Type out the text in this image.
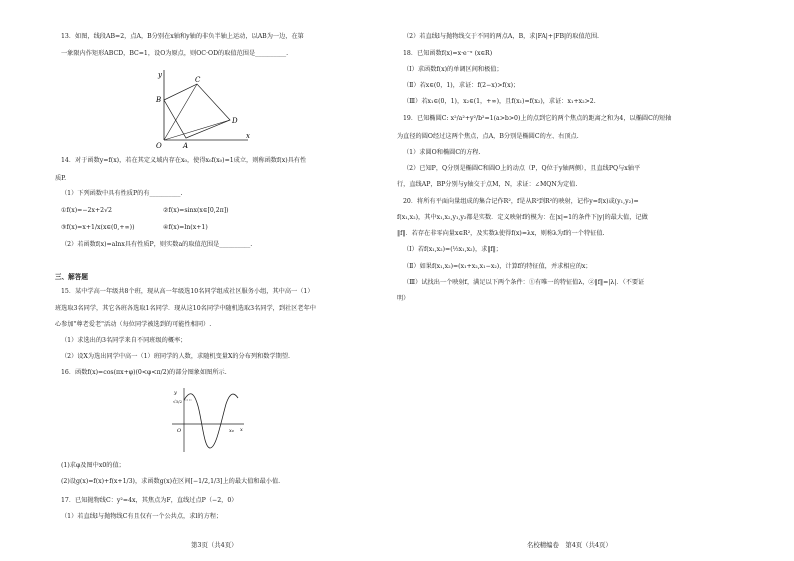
13．如图，线段AB=2，点A，B分别在x轴和y轴的非负半轴上运动，以AB为一边，在第
一象限内作矩形ABCD，BC=1，设O为原点，则OC·OD的取值范围是__________.
y
x
B
C
D
O	A
14．对于函数y=f(x)，若在其定义域内存在x₀，使得x₀f(x₀)=1成立，则称函数f(x)具有性
质P.
（1）下列函数中具有性质P的有__________.
①f(x)=−2x+2√2	②f(x)=sinx(x∈[0,2π])
③f(x)=x+1/x(x∈(0,+∞))	④f(x)=ln(x+1)
（2）若函数f(x)=alnx具有性质P，则实数a的取值范围是__________.
三、解答题
15．某中学高一年级共8个班，现从高一年级选10名同学组成社区服务小组，其中高一（1）
班选取3名同学，其它各班各选取1名同学．现从这10名同学中随机选取3名同学，到社区老年中
心参加"尊老爱老"活动（每位同学被选到的可能性相同）.
（1）求选出的3名同学来自不同班级的概率；
（2）设X为选出同学中高一（1）班同学的人数，求随机变量X的分布列和数学期望.
16．函数f(x)=cos(πx+φ)(0<φ<π/2)的部分图象如图所示.
y
√3/2
O	x₀ x
(1)求φ及图中x0的值；
(2)设g(x)=f(x)+f(x+1/3)，求函数g(x)在区间[−1/2,1/3]上的最大值和最小值.
17．已知抛物线C：y²=4x，其焦点为F，直线过点P（−2，0）
（1）若直线l与抛物线C有且仅有一个公共点，求l的方程；
第3页（共4页）
（2）若直线l与抛物线交于不同的两点A，B，求|FA|+|FB|的取值范围.
18．已知函数f(x)=x·e⁻ˣ (x∈R)
（Ⅰ）求函数f(x)的单调区间和极值；
（Ⅱ）若x∈(0，1)，求证：f(2−x)>f(x)；
（Ⅲ）若x₁∈(0，1)，x₂∈(1，+∞)，且f(x₁)=f(x₂)，求证：x₁+x₂>2.
19．已知椭圆C: x²/a²+y²/b²=1(a>b>0)上的点到它的两个焦点的距离之和为4，以椭圆C的短轴
为直径的圆O经过这两个焦点，点A，B分别是椭圆C的左、右顶点.
（1）求圆O和椭圆C的方程.
（2）已知P，Q分别是椭圆C和圆O上的动点（P，Q位于y轴两侧），且直线PQ与x轴平
行，直线AP，BP分别与y轴交于点M，N，求证：∠MQN为定值.
20．将所有平面向量组成的集合记作R²，f是从R²到R²的映射，记作y=f(x)或(y₁,y₂)=
f(x₁,x₂)，其中x₁,x₂,y₁,y₂都是实数．定义映射f的模为：在|x|=1的条件下|y|的最大值，记做
‖f‖．若存在非零向量x∈R²，及实数λ使得f(x)=λx，则称λ为f的一个特征值.
（Ⅰ）若f(x₁,x₂)=(½x₁,x₂)，求‖f‖；
（Ⅱ）如果f(x₁,x₂)=(x₁+x₂,x₁−x₂)，计算f的特征值，并求相应的x；
（Ⅲ）试找出一个映射f，满足以下两个条件：①有唯一的特征值λ，②‖f‖=|λ|．（不要证
明）
名校精编卷　第4页（共4页）
